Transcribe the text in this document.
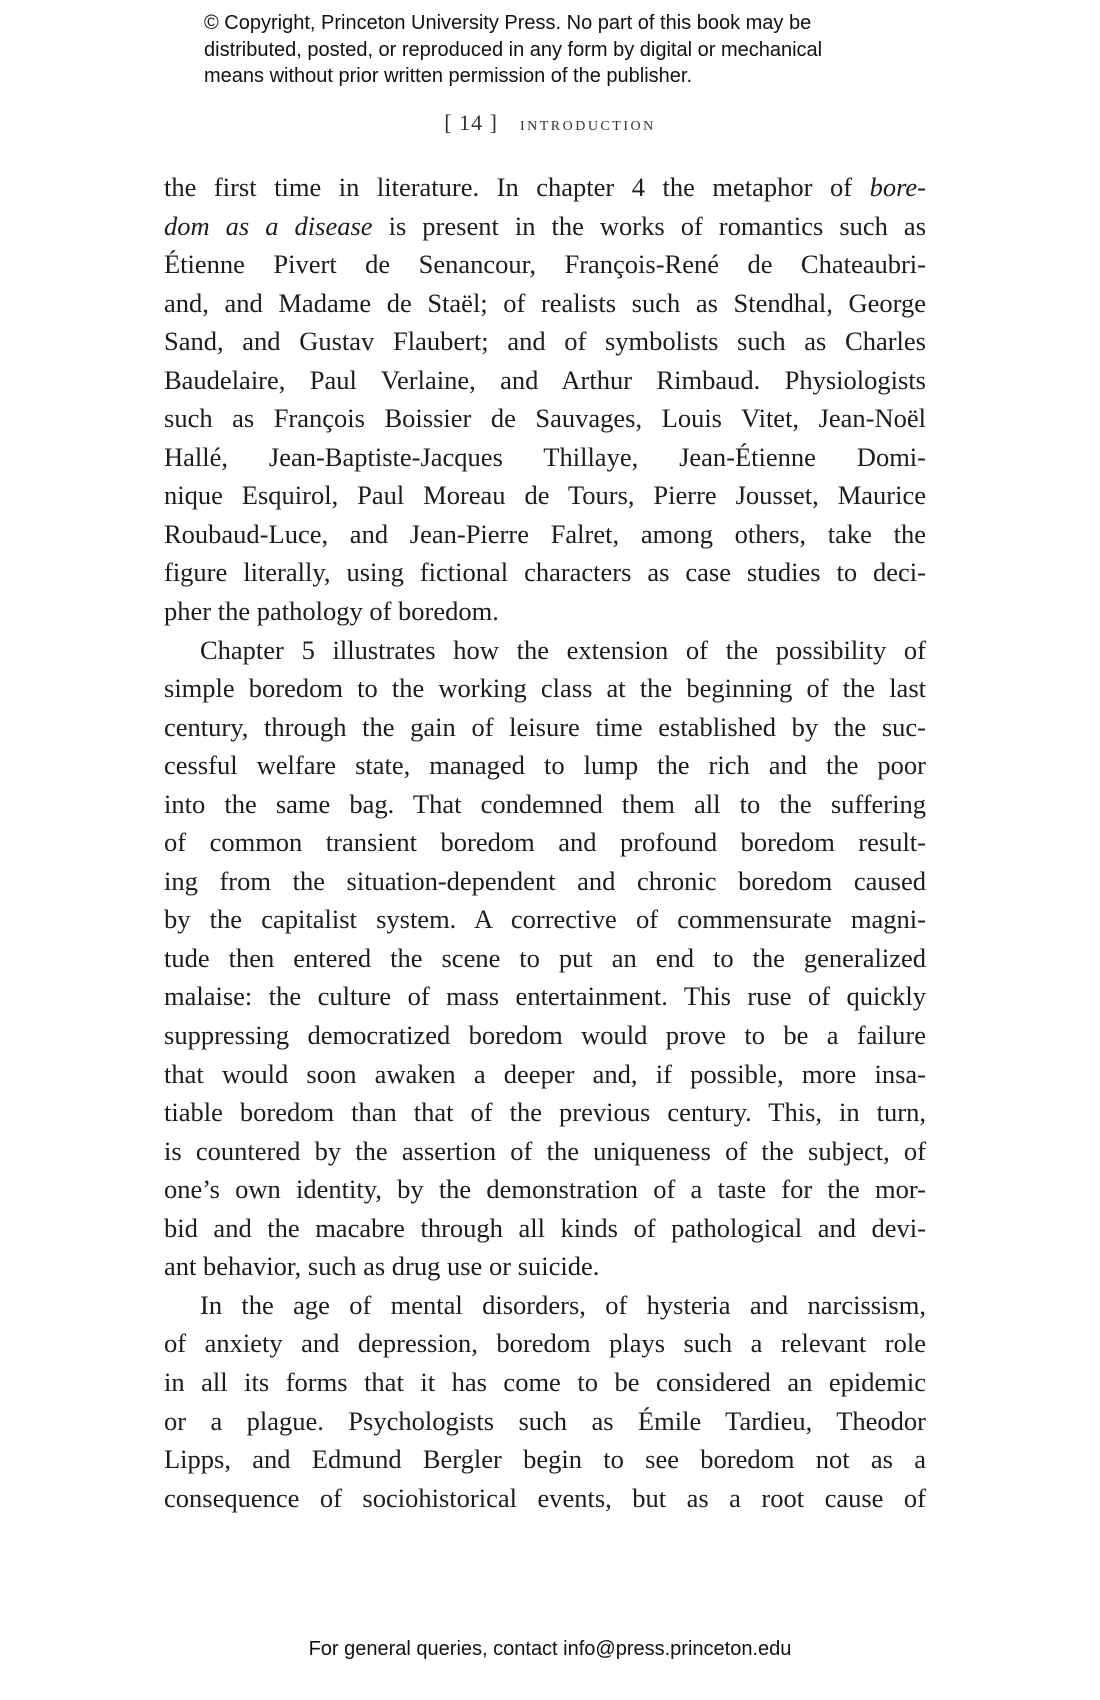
© Copyright, Princeton University Press. No part of this book may be
distributed, posted, or reproduced in any form by digital or mechanical
means without prior written permission of the publisher.
[ 14 ] introduction
the first time in literature. In chapter 4 the metaphor of bore-
dom as a disease is present in the works of romantics such as
Étienne Pivert de Senancour, François-René de Chateaubri-
and, and Madame de Staël; of realists such as Stendhal, George
Sand, and Gustav Flaubert; and of symbolists such as Charles
Baudelaire, Paul Verlaine, and Arthur Rimbaud. Physiologists
such as François Boissier de Sauvages, Louis Vitet, Jean-Noël
Hallé, Jean-Baptiste-Jacques Thillaye, Jean-Étienne Domi-
nique Esquirol, Paul Moreau de Tours, Pierre Jousset, Maurice
Roubaud-Luce, and Jean-Pierre Falret, among others, take the
figure literally, using fictional characters as case studies to deci-
pher the pathology of boredom.
Chapter 5 illustrates how the extension of the possibility of
simple boredom to the working class at the beginning of the last
century, through the gain of leisure time established by the suc-
cessful welfare state, managed to lump the rich and the poor
into the same bag. That condemned them all to the suffering
of common transient boredom and profound boredom result-
ing from the situation-dependent and chronic boredom caused
by the capitalist system. A corrective of commensurate magni-
tude then entered the scene to put an end to the generalized
malaise: the culture of mass entertainment. This ruse of quickly
suppressing democratized boredom would prove to be a failure
that would soon awaken a deeper and, if possible, more insa-
tiable boredom than that of the previous century. This, in turn,
is countered by the assertion of the uniqueness of the subject, of
one’s own identity, by the demonstration of a taste for the mor-
bid and the macabre through all kinds of pathological and devi-
ant behavior, such as drug use or suicide.
In the age of mental disorders, of hysteria and narcissism,
of anxiety and depression, boredom plays such a relevant role
in all its forms that it has come to be considered an epidemic
or a plague. Psychologists such as Émile Tardieu, Theodor
Lipps, and Edmund Bergler begin to see boredom not as a
consequence of sociohistorical events, but as a root cause of
For general queries, contact info@press.princeton.edu
